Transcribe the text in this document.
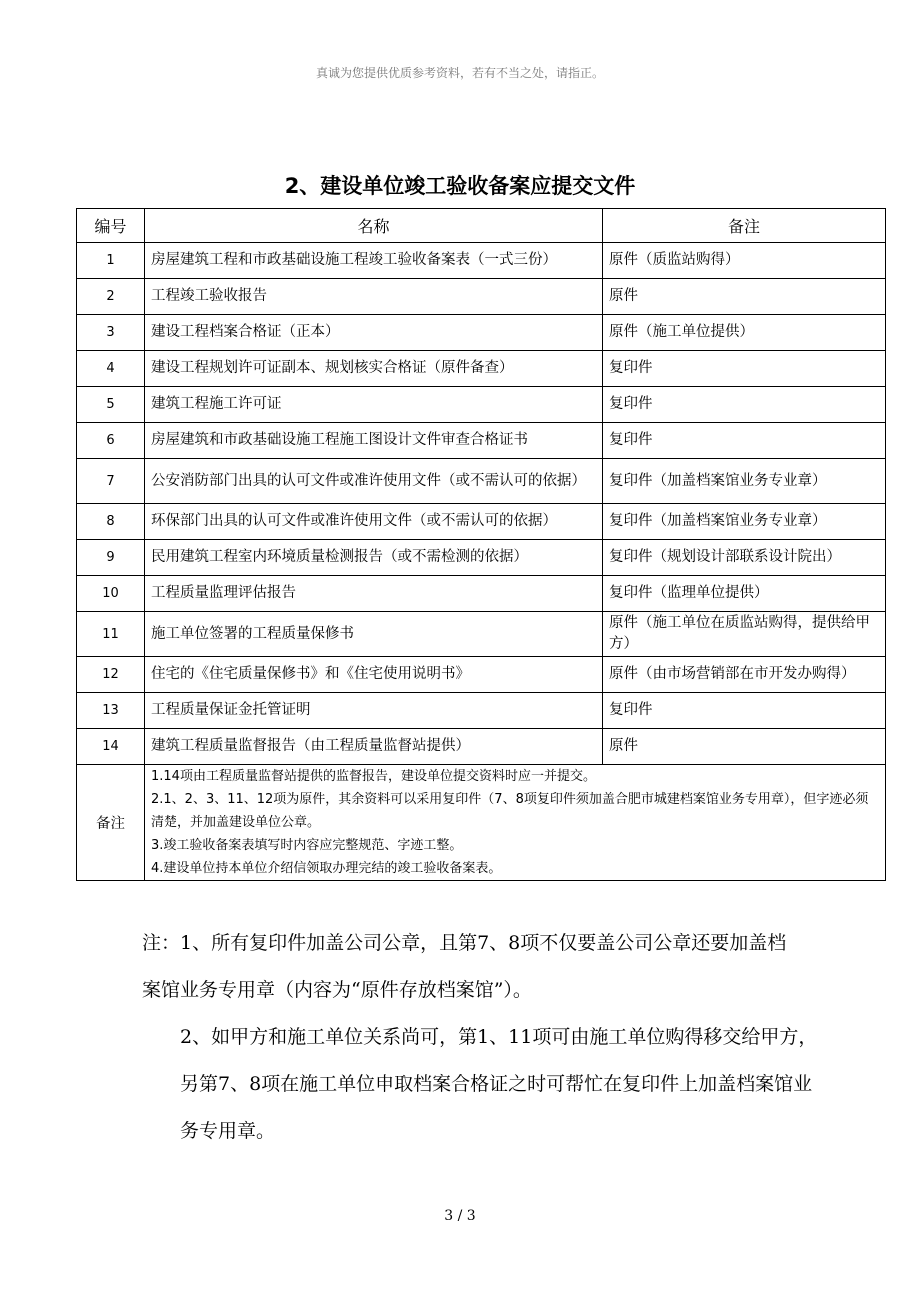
真诚为您提供优质参考资料，若有不当之处，请指正。
2、建设单位竣工验收备案应提交文件
编号	名称	备注
1	房屋建筑工程和市政基础设施工程竣工验收备案表（一式三份）	原件（质监站购得）
2	工程竣工验收报告	原件
3	建设工程档案合格证（正本）	原件（施工单位提供）
4	建设工程规划许可证副本、规划核实合格证（原件备查）	复印件
5	建筑工程施工许可证	复印件
6	房屋建筑和市政基础设施工程施工图设计文件审查合格证书	复印件
7	公安消防部门出具的认可文件或准许使用文件（或不需认可的依据）	复印件（加盖档案馆业务专业章）
8	环保部门出具的认可文件或准许使用文件（或不需认可的依据）	复印件（加盖档案馆业务专业章）
9	民用建筑工程室内环境质量检测报告（或不需检测的依据）	复印件（规划设计部联系设计院出）
10	工程质量监理评估报告	复印件（监理单位提供）
11	施工单位签署的工程质量保修书	原件（施工单位在质监站购得，提供给甲方）
12	住宅的《住宅质量保修书》和《住宅使用说明书》	原件（由市场营销部在市开发办购得）
13	工程质量保证金托管证明	复印件
14	建筑工程质量监督报告（由工程质量监督站提供）	原件
备注	1.14项由工程质量监督站提供的监督报告，建设单位提交资料时应一并提交。
2.1、2、3、11、12项为原件，其余资料可以采用复印件（7、8项复印件须加盖合肥市城建档案馆业务专用章），但字迹必须清楚，并加盖建设单位公章。
3.竣工验收备案表填写时内容应完整规范、字迹工整。
4.建设单位持本单位介绍信领取办理完结的竣工验收备案表。	
注：1、所有复印件加盖公司公章，且第7、8项不仅要盖公司公章还要加盖档案馆业务专用章（内容为“原件存放档案馆”）。
2、如甲方和施工单位关系尚可，第1、11项可由施工单位购得移交给甲方，另第7、8项在施工单位申取档案合格证之时可帮忙在复印件上加盖档案馆业务专用章。
3 / 3
